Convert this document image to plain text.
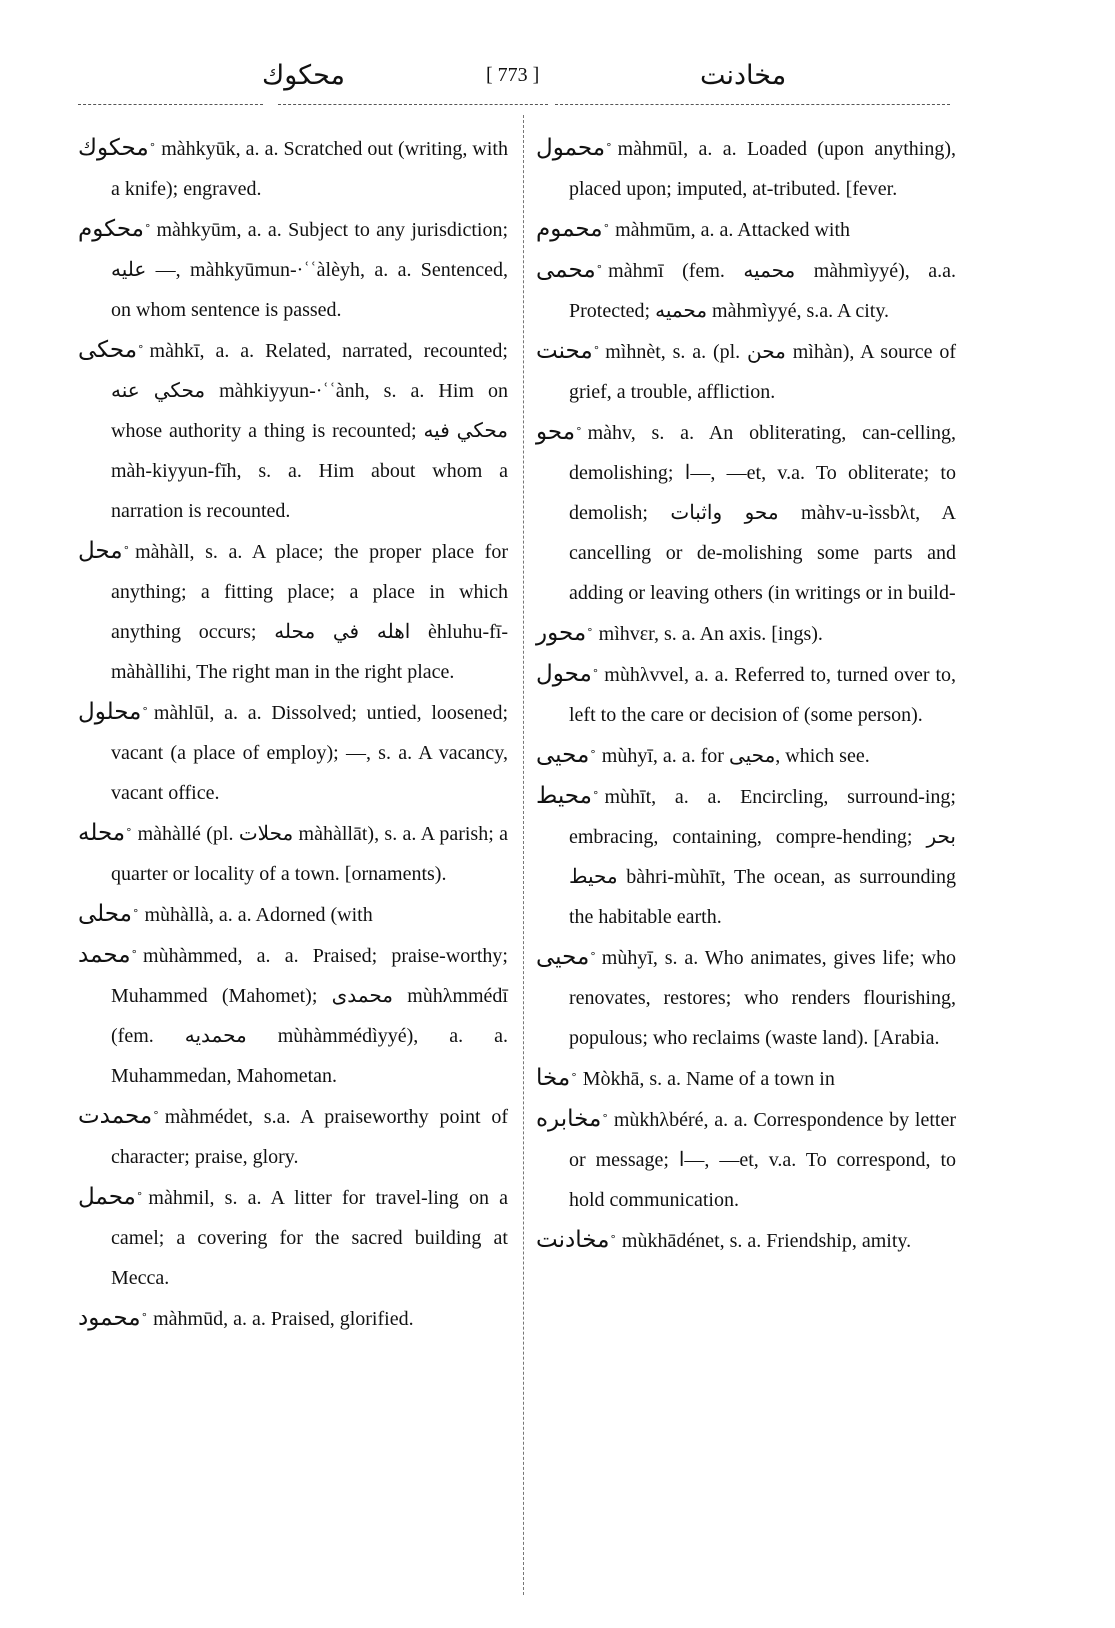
محكوك	[ 773 ]	مخادنت

محكوك ° màhkyūk, a. a. Scratched out (writing, with a knife); engraved.

محكوم ° màhkyūm, a. a. Subject to any jurisdiction; عليه —, màhkyūmun-·ʿʿàlèyh, a. a. Sentenced, on whom sentence is passed.

محكى ° màhkī, a. a. Related, narrated, recounted; محكي عنه màhkiyyun-·ʿʿành, s. a. Him on whose authority a thing is recounted; محكي فيه màh-kiyyun-fīh, s. a. Him about whom a narration is recounted.

محل ° màhàll, s. a. A place; the proper place for anything; a fitting place; a place in which anything occurs; اهله في محله èhluhu-fī-màhàllihi, The right man in the right place.

محلول ° màhlūl, a. a. Dissolved; untied, loosened; vacant (a place of employ); —, s. a. A vacancy, vacant office.

محله ° màhàllé (pl. محلات màhàllāt), s. a. A parish; a quarter or locality of a town. [ornaments).

محلى ° mùhàllà, a. a. Adorned (with

محمد ° mùhàmmed, a. a. Praised; praise-worthy; Muhammed (Mahomet); محمدى mùhλmmédī (fem. محمديه mùhàmmédìyyé), a. a. Muhammedan, Mahometan.

محمدت ° màhmédet, s.a. A praiseworthy point of character; praise, glory.

محمل ° màhmil, s. a. A litter for travel-ling on a camel; a covering for the sacred building at Mecca.

محمود ° màhmūd, a. a. Praised, glorified.

محمول ° màhmūl, a. a. Loaded (upon anything), placed upon; imputed, at-tributed. [fever.

محموم ° màhmūm, a. a. Attacked with

محمى ° màhmī (fem. محميه màhmìyyé), a.a. Protected; محميه màhmìyyé, s.a. A city.

محنت ° mìhnèt, s. a. (pl. محن mìhàn), A source of grief, a trouble, affliction.

محو ° màhv, s. a. An obliterating, can-celling, demolishing; ا—, —et, v.a. To obliterate; to demolish; محو واثبات màhv-u-ìssbλt, A cancelling or de-molishing some parts and adding or leaving others (in writings or in build-

محور ° mìhvεr, s. a. An axis. [ings).

محول ° mùhλvvel, a. a. Referred to, turned over to, left to the care or decision of (some person).

محيى ° mùhyī, a. a. for محيى, which see.

محيط ° mùhīt, a. a. Encircling, surround-ing; embracing, containing, compre-hending; بحر محيط bàhri-mùhīt, The ocean, as surrounding the habitable earth.

محيى ° mùhyī, s. a. Who animates, gives life; who renovates, restores; who renders flourishing, populous; who reclaims (waste land). [Arabia.

مخا ° Mòkhā, s. a. Name of a town in

مخابره ° mùkhλbéré, a. a. Correspondence by letter or message; ا—, —et, v.a. To correspond, to hold communication.

مخادنت ° mùkhādénet, s. a. Friendship, amity.
